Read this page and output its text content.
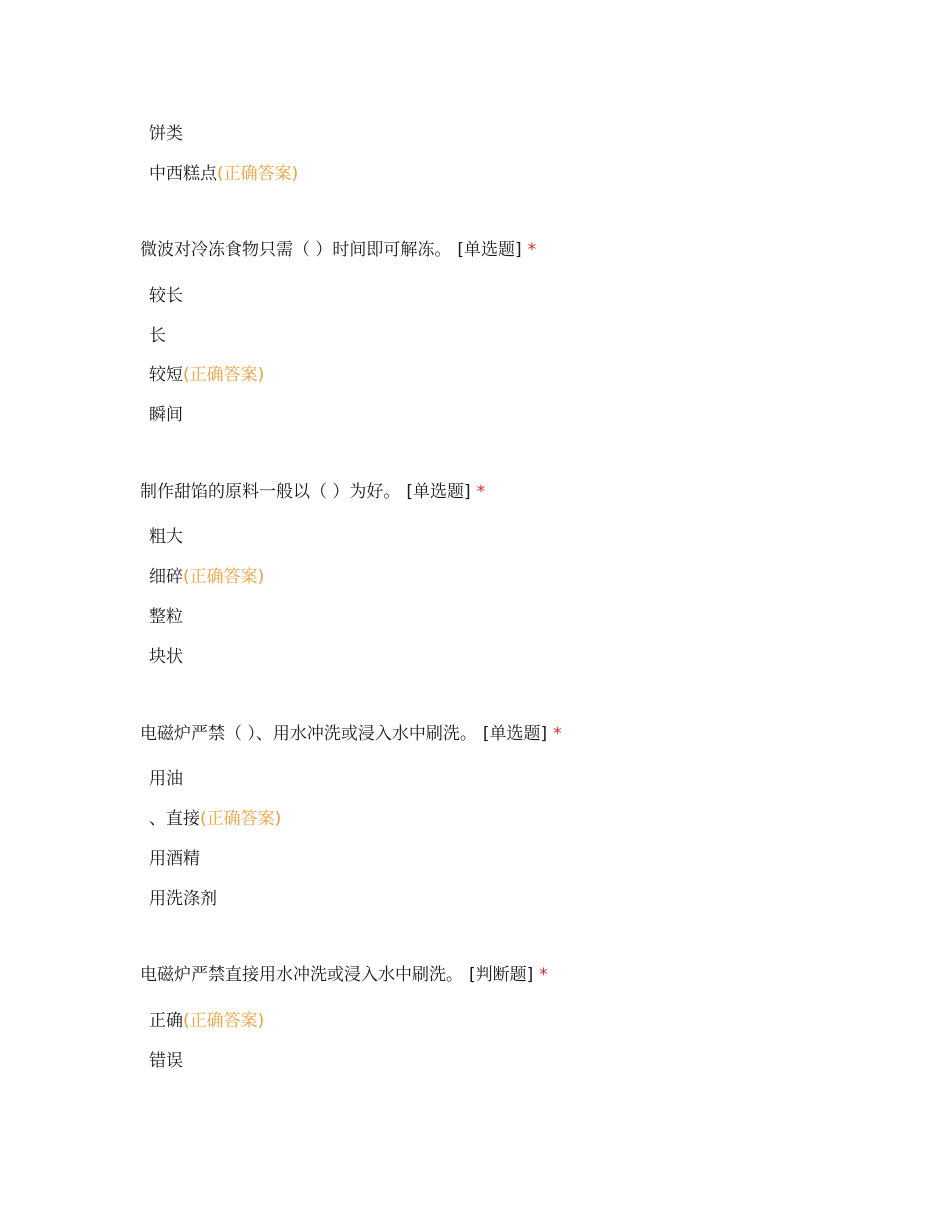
饼类
中西糕点(正确答案)
微波对冷冻食物只需（ ）时间即可解冻。 [单选题] *
较长
长
较短(正确答案)
瞬间
制作甜馅的原料一般以（ ）为好。 [单选题] *
粗大
细碎(正确答案)
整粒
块状
电磁炉严禁（ ）、用水冲洗或浸入水中刷洗。 [单选题] *
用油
、直接(正确答案)
用酒精
用洗涤剂
电磁炉严禁直接用水冲洗或浸入水中刷洗。 [判断题] *
正确(正确答案)
错误
